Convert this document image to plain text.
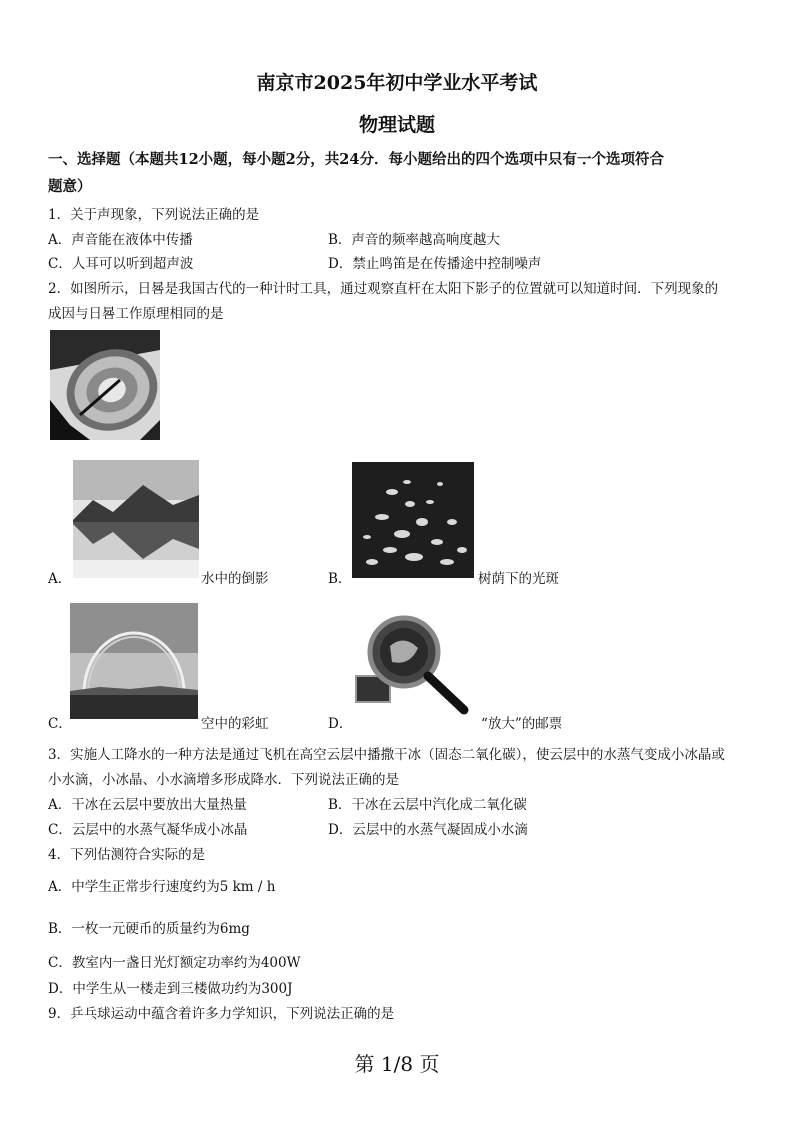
南京市2025年初中学业水平考试
物理试题
一、选择题（本题共12小题，每小题2分，共24分．每小题给出的四个选项中只有一个选项符合
题意）
1．关于声现象，下列说法正确的是
A．声音能在液体中传播	B．声音的频率越高响度越大
C．人耳可以听到超声波	D．禁止鸣笛是在传播途中控制噪声
2．如图所示，日晷是我国古代的一种计时工具，通过观察直杆在太阳下影子的位置就可以知道时间．下列现象的
成因与日晷工作原理相同的是
A．	水中的倒影	B．	树荫下的光斑
C．	空中的彩虹	D．	“放大”的邮票
3．实施人工降水的一种方法是通过飞机在高空云层中播撒干冰（固态二氧化碳），使云层中的水蒸气变成小冰晶或
小水滴，小冰晶、小水滴增多形成降水．下列说法正确的是
A．干冰在云层中要放出大量热量	B．干冰在云层中汽化成二氧化碳
C．云层中的水蒸气凝华成小冰晶	D．云层中的水蒸气凝固成小水滴
4．下列估测符合实际的是
A．中学生正常步行速度约为5 km / h
B．一枚一元硬币的质量约为6mg
C．教室内一盏日光灯额定功率约为400W
D．中学生从一楼走到三楼做功约为300J
9．乒乓球运动中蕴含着许多力学知识，下列说法正确的是
第 1/8 页
